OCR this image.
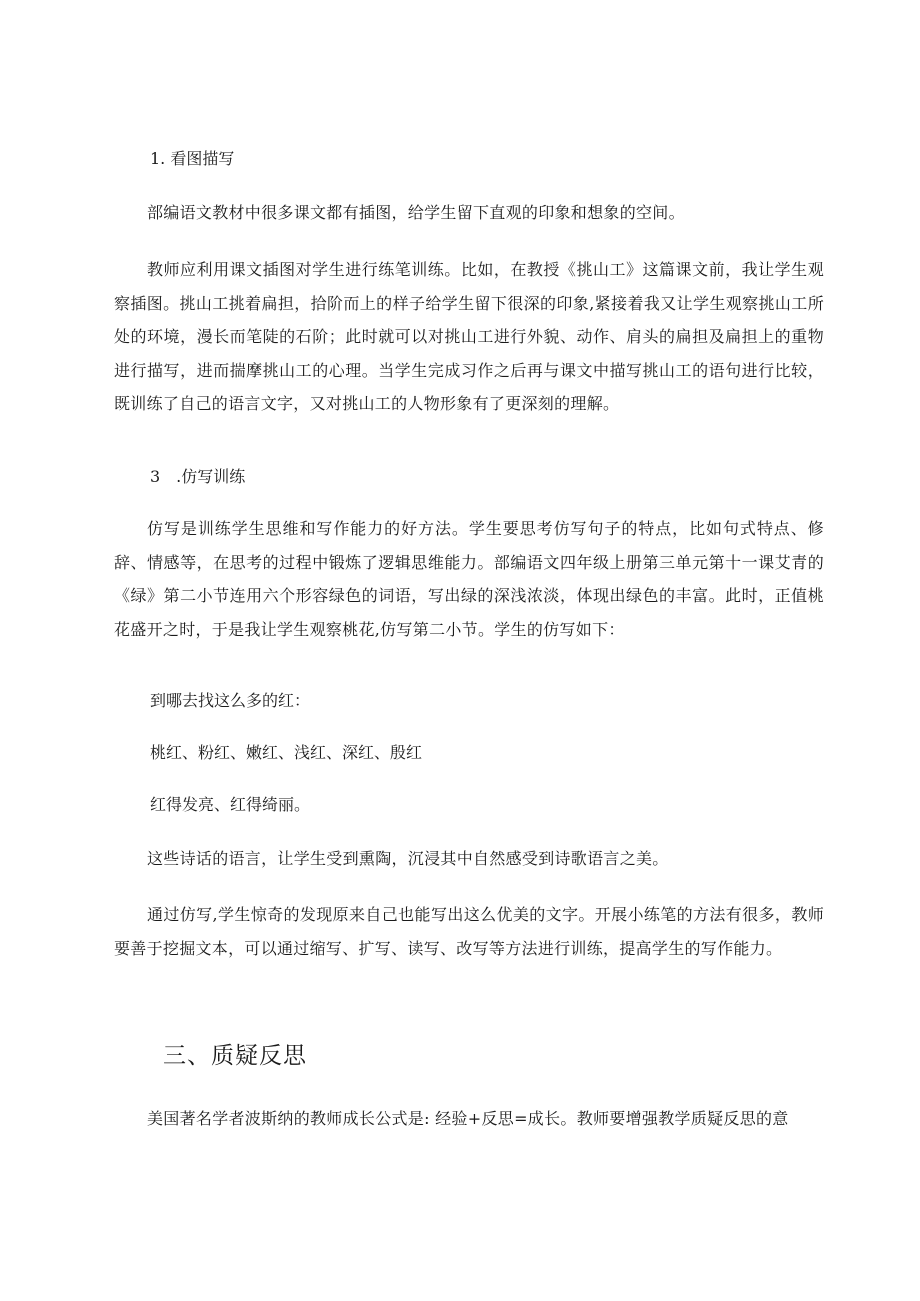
1. 看图描写

部编语文教材中很多课文都有插图，给学生留下直观的印象和想象的空间。

教师应利用课文插图对学生进行练笔训练。比如，在教授《挑山工》这篇课文前，我让学生观察插图。挑山工挑着扁担，拾阶而上的样子给学生留下很深的印象,紧接着我又让学生观察挑山工所处的环境，漫长而笔陡的石阶；此时就可以对挑山工进行外貌、动作、肩头的扁担及扁担上的重物进行描写，进而揣摩挑山工的心理。当学生完成习作之后再与课文中描写挑山工的语句进行比较，既训练了自己的语言文字，又对挑山工的人物形象有了更深刻的理解。

3　.仿写训练

仿写是训练学生思维和写作能力的好方法。学生要思考仿写句子的特点，比如句式特点、修辞、情感等，在思考的过程中锻炼了逻辑思维能力。部编语文四年级上册第三单元第十一课艾青的《绿》第二小节连用六个形容绿色的词语，写出绿的深浅浓淡，体现出绿色的丰富。此时，正值桃花盛开之时，于是我让学生观察桃花,仿写第二小节。学生的仿写如下：

到哪去找这么多的红：

桃红、粉红、嫩红、浅红、深红、殷红

红得发亮、红得绮丽。

这些诗话的语言，让学生受到熏陶，沉浸其中自然感受到诗歌语言之美。

通过仿写,学生惊奇的发现原来自己也能写出这么优美的文字。开展小练笔的方法有很多，教师要善于挖掘文本，可以通过缩写、扩写、读写、改写等方法进行训练，提高学生的写作能力。

三、质疑反思

美国著名学者波斯纳的教师成长公式是: 经验+反思=成长。教师要增强教学质疑反思的意
